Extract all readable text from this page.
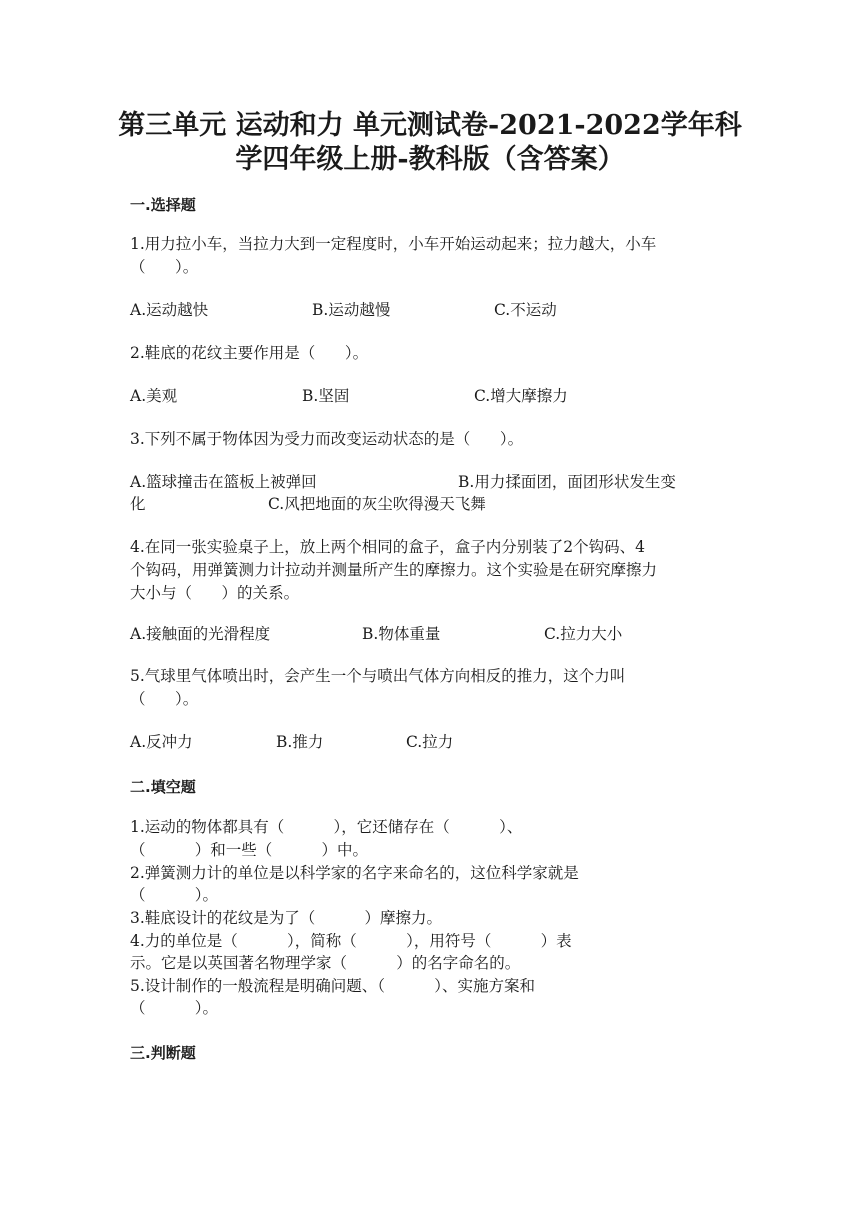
第三单元 运动和力 单元测试卷-2021-2022学年科
学四年级上册-教科版（含答案）
一.选择题
1.用力拉小车，当拉力大到一定程度时，小车开始运动起来；拉力越大，小车
（      ）。
A.运动越快	B.运动越慢	C.不运动
2.鞋底的花纹主要作用是（      ）。
A.美观	B.坚固	C.增大摩擦力
3.下列不属于物体因为受力而改变运动状态的是（      ）。
A.篮球撞击在篮板上被弹回	B.用力揉面团，面团形状发生变
化	C.风把地面的灰尘吹得漫天飞舞
4.在同一张实验桌子上，放上两个相同的盒子，盒子内分别装了2个钩码、4
个钩码，用弹簧测力计拉动并测量所产生的摩擦力。这个实验是在研究摩擦力
大小与（      ）的关系。
A.接触面的光滑程度	B.物体重量	C.拉力大小
5.气球里气体喷出时，会产生一个与喷出气体方向相反的推力，这个力叫
（      ）。
A.反冲力	B.推力	C.拉力
二.填空题
1.运动的物体都具有（          ），它还储存在（          ）、
（          ）和一些（          ）中。
2.弹簧测力计的单位是以科学家的名字来命名的，这位科学家就是
（          ）。
3.鞋底设计的花纹是为了（          ）摩擦力。
4.力的单位是（          ），简称（          ），用符号（          ）表
示。它是以英国著名物理学家（          ）的名字命名的。
5.设计制作的一般流程是明确问题、（          ）、实施方案和
（          ）。
三.判断题
